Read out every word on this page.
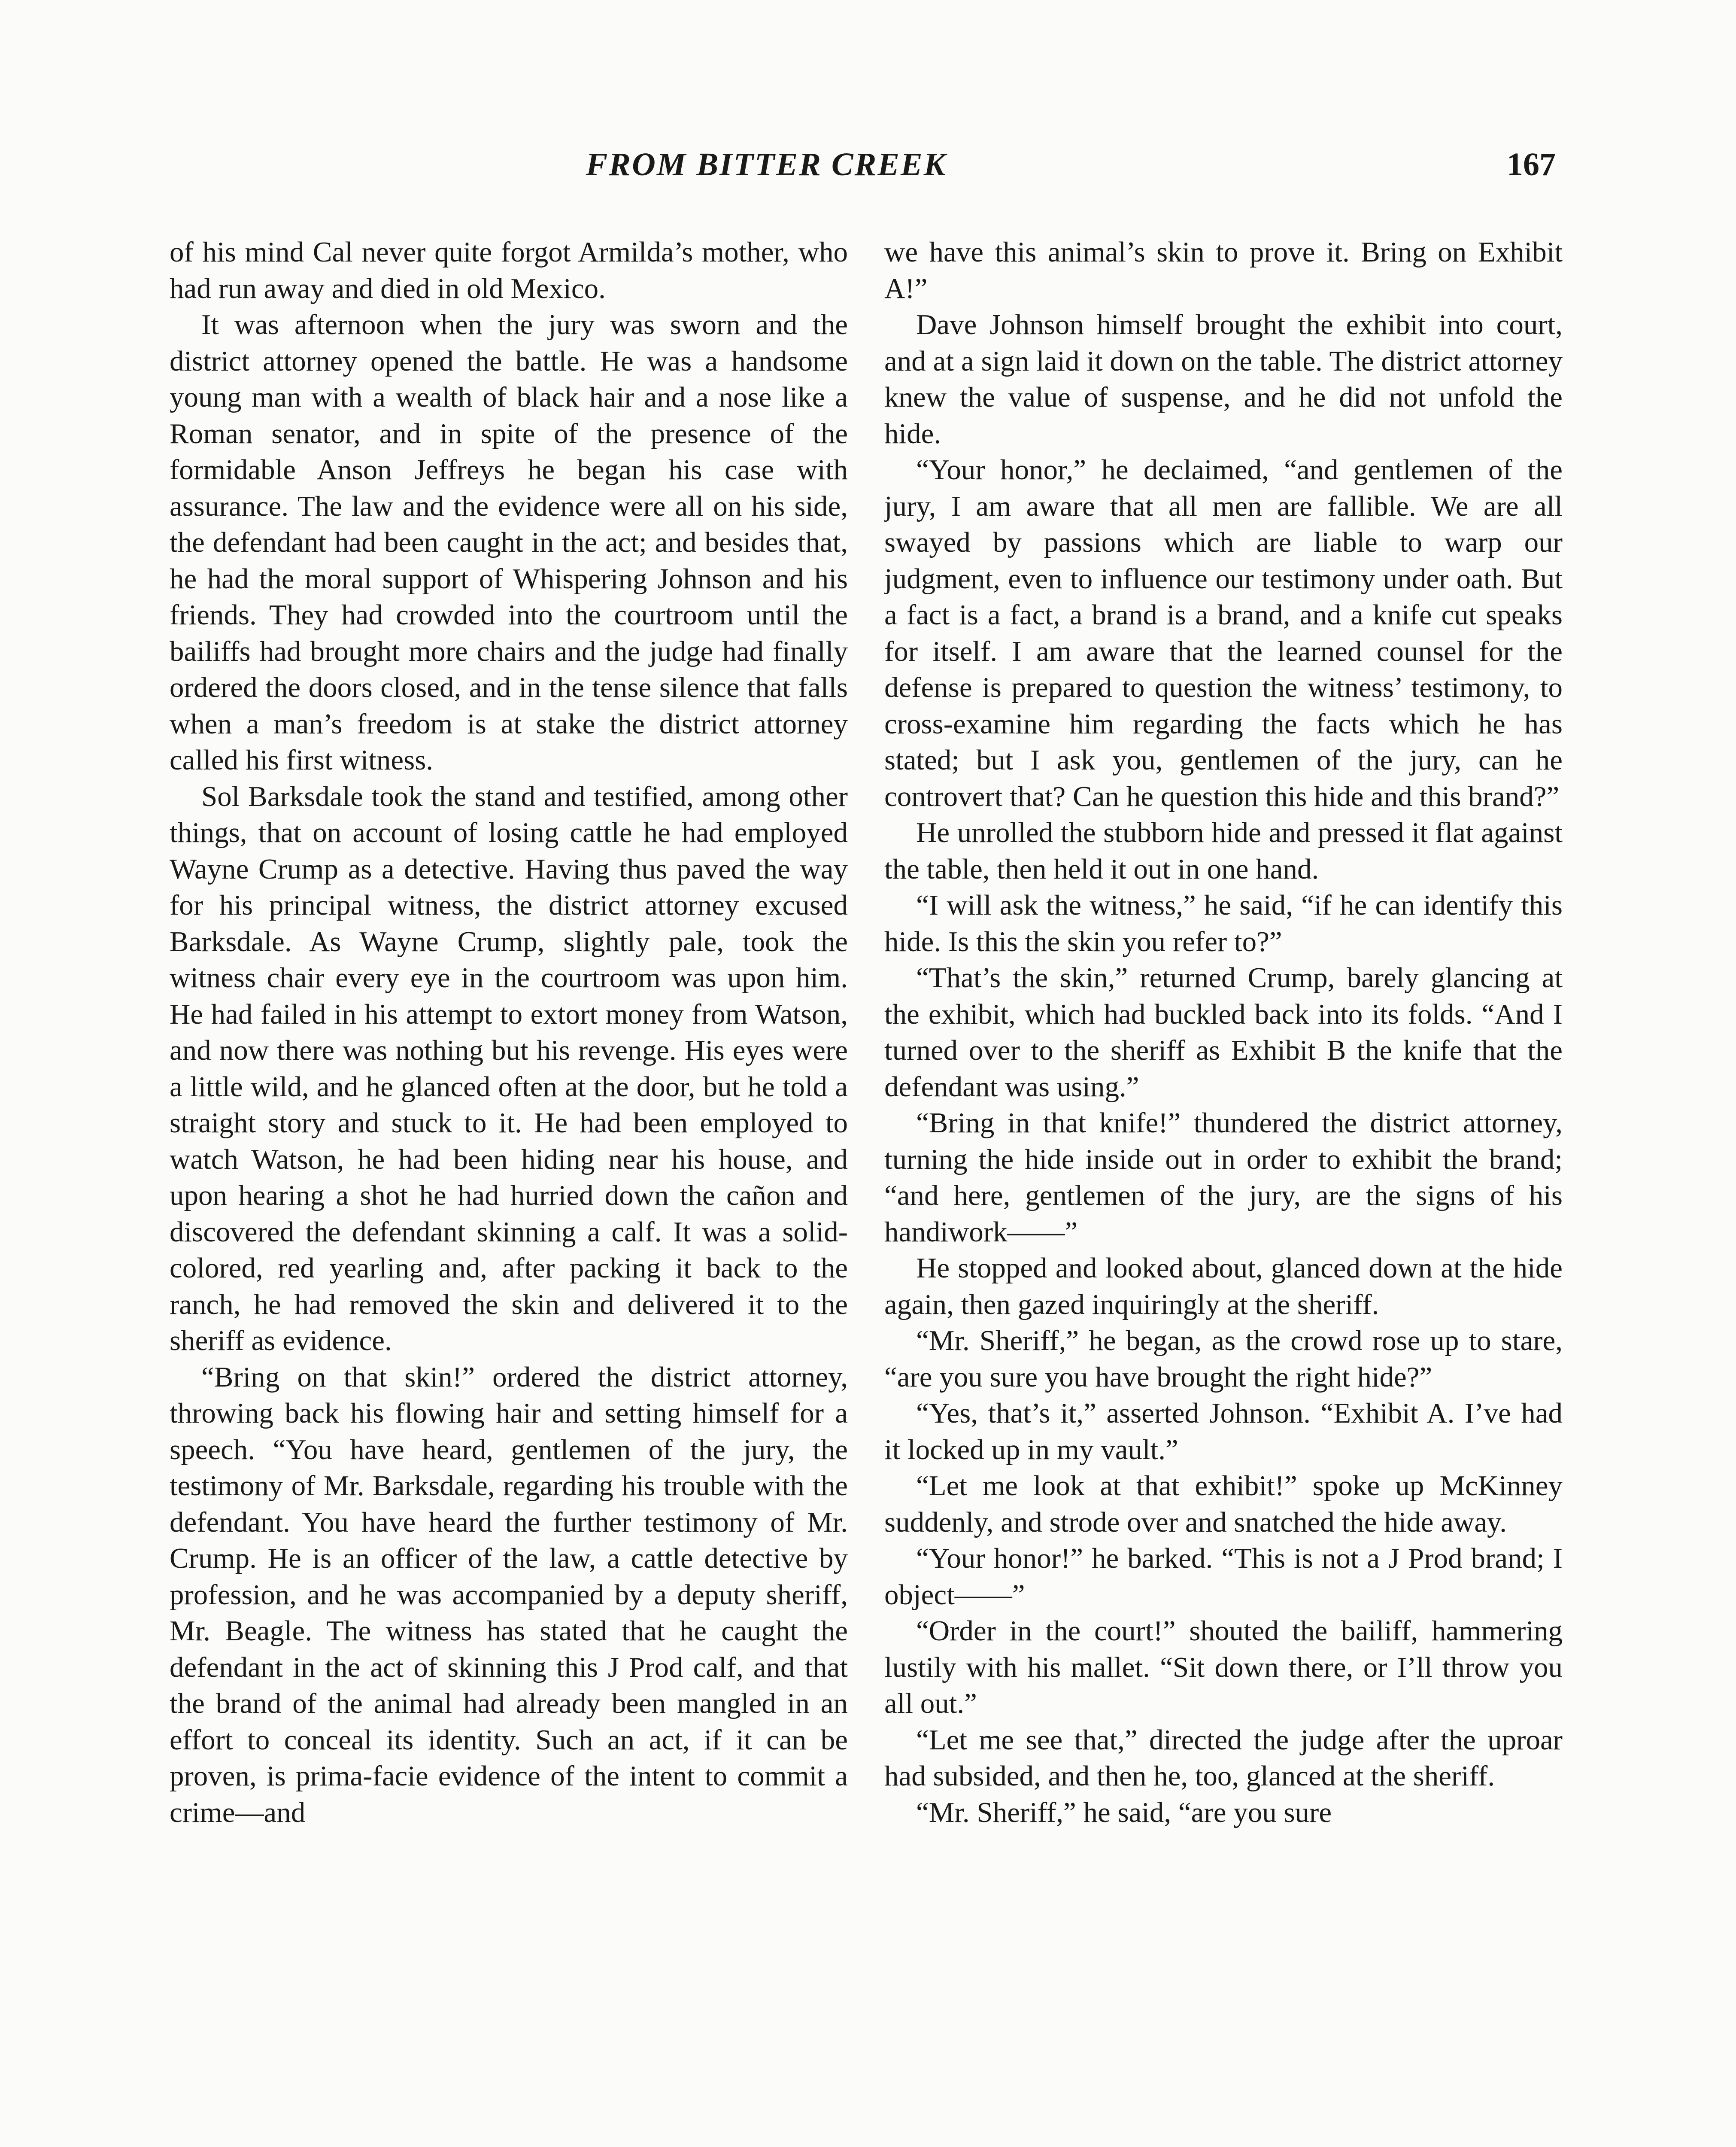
FROM BITTER CREEK	167

of his mind Cal never quite forgot Armilda’s mother, who had run away and died in old Mexico.

It was afternoon when the jury was sworn and the district attorney opened the battle. He was a handsome young man with a wealth of black hair and a nose like a Roman senator, and in spite of the presence of the formidable Anson Jeffreys he began his case with assurance. The law and the evidence were all on his side, the defendant had been caught in the act; and besides that, he had the moral support of Whispering Johnson and his friends. They had crowded into the courtroom until the bailiffs had brought more chairs and the judge had finally ordered the doors closed, and in the tense silence that falls when a man’s freedom is at stake the district attorney called his first witness.

Sol Barksdale took the stand and testified, among other things, that on account of losing cattle he had employed Wayne Crump as a detective. Having thus paved the way for his principal witness, the district attorney excused Barksdale. As Wayne Crump, slightly pale, took the witness chair every eye in the courtroom was upon him. He had failed in his attempt to extort money from Watson, and now there was nothing but his revenge. His eyes were a little wild, and he glanced often at the door, but he told a straight story and stuck to it. He had been employed to watch Watson, he had been hiding near his house, and upon hearing a shot he had hurried down the cañon and discovered the defendant skinning a calf. It was a solid-colored, red yearling and, after packing it back to the ranch, he had removed the skin and delivered it to the sheriff as evidence.

“Bring on that skin!” ordered the district attorney, throwing back his flowing hair and setting himself for a speech. “You have heard, gentlemen of the jury, the testimony of Mr. Barksdale, regarding his trouble with the defendant. You have heard the further testimony of Mr. Crump. He is an officer of the law, a cattle detective by profession, and he was accompanied by a deputy sheriff, Mr. Beagle. The witness has stated that he caught the defendant in the act of skinning this J Prod calf, and that the brand of the animal had already been mangled in an effort to conceal its identity. Such an act, if it can be proven, is prima-facie evidence of the intent to commit a crime—and

we have this animal’s skin to prove it. Bring on Exhibit A!”

Dave Johnson himself brought the exhibit into court, and at a sign laid it down on the table. The district attorney knew the value of suspense, and he did not unfold the hide.

“Your honor,” he declaimed, “and gentlemen of the jury, I am aware that all men are fallible. We are all swayed by passions which are liable to warp our judgment, even to influence our testimony under oath. But a fact is a fact, a brand is a brand, and a knife cut speaks for itself. I am aware that the learned counsel for the defense is prepared to question the witness’ testimony, to cross-examine him regarding the facts which he has stated; but I ask you, gentlemen of the jury, can he controvert that? Can he question this hide and this brand?”

He unrolled the stubborn hide and pressed it flat against the table, then held it out in one hand.

“I will ask the witness,” he said, “if he can identify this hide. Is this the skin you refer to?”

“That’s the skin,” returned Crump, barely glancing at the exhibit, which had buckled back into its folds. “And I turned over to the sheriff as Exhibit B the knife that the defendant was using.”

“Bring in that knife!” thundered the district attorney, turning the hide inside out in order to exhibit the brand; “and here, gentlemen of the jury, are the signs of his handiwork——”

He stopped and looked about, glanced down at the hide again, then gazed inquiringly at the sheriff.

“Mr. Sheriff,” he began, as the crowd rose up to stare, “are you sure you have brought the right hide?”

“Yes, that’s it,” asserted Johnson. “Exhibit A. I’ve had it locked up in my vault.”

“Let me look at that exhibit!” spoke up McKinney suddenly, and strode over and snatched the hide away.

“Your honor!” he barked. “This is not a J Prod brand; I object——”

“Order in the court!” shouted the bailiff, hammering lustily with his mallet. “Sit down there, or I’ll throw you all out.”

“Let me see that,” directed the judge after the uproar had subsided, and then he, too, glanced at the sheriff.

“Mr. Sheriff,” he said, “are you sure
